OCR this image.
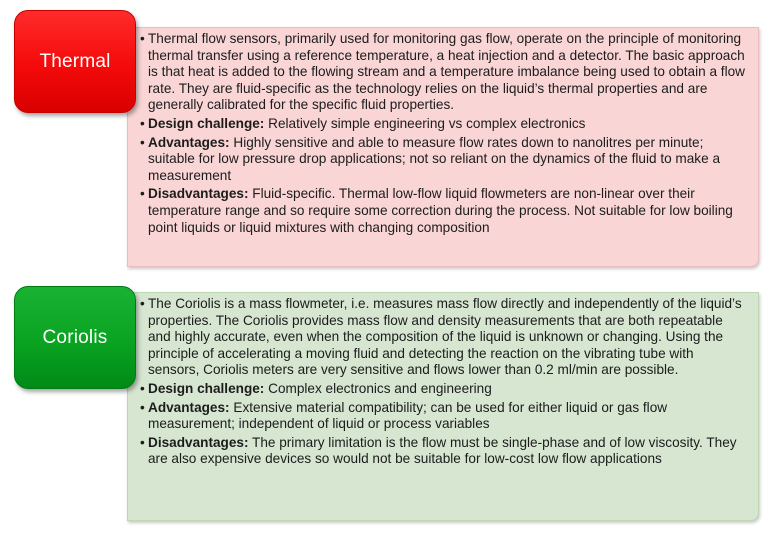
• Thermal flow sensors, primarily used for monitoring gas flow, operate on the principle of monitoring thermal transfer using a reference temperature, a heat injection and a detector. The basic approach is that heat is added to the flowing stream and a temperature imbalance being used to obtain a flow rate. They are fluid-specific as the technology relies on the liquid’s thermal properties and are generally calibrated for the specific fluid properties.
• Design challenge: Relatively simple engineering vs complex electronics
• Advantages: Highly sensitive and able to measure flow rates down to nanolitres per minute; suitable for low pressure drop applications; not so reliant on the dynamics of the fluid to make a measurement
• Disadvantages: Fluid-specific. Thermal low-flow liquid flowmeters are non-linear over their temperature range and so require some correction during the process. Not suitable for low boiling point liquids or liquid mixtures with changing composition
Thermal
• The Coriolis is a mass flowmeter, i.e. measures mass flow directly and independently of the liquid’s properties. The Coriolis provides mass flow and density measurements that are both repeatable and highly accurate, even when the composition of the liquid is unknown or changing. Using the principle of accelerating a moving fluid and detecting the reaction on the vibrating tube with sensors, Coriolis meters are very sensitive and flows lower than 0.2 ml/min are possible.
• Design challenge: Complex electronics and engineering
• Advantages: Extensive material compatibility; can be used for either liquid or gas flow measurement; independent of liquid or process variables
• Disadvantages: The primary limitation is the flow must be single-phase and of low viscosity. They are also expensive devices so would not be suitable for low-cost low flow applications
Coriolis
